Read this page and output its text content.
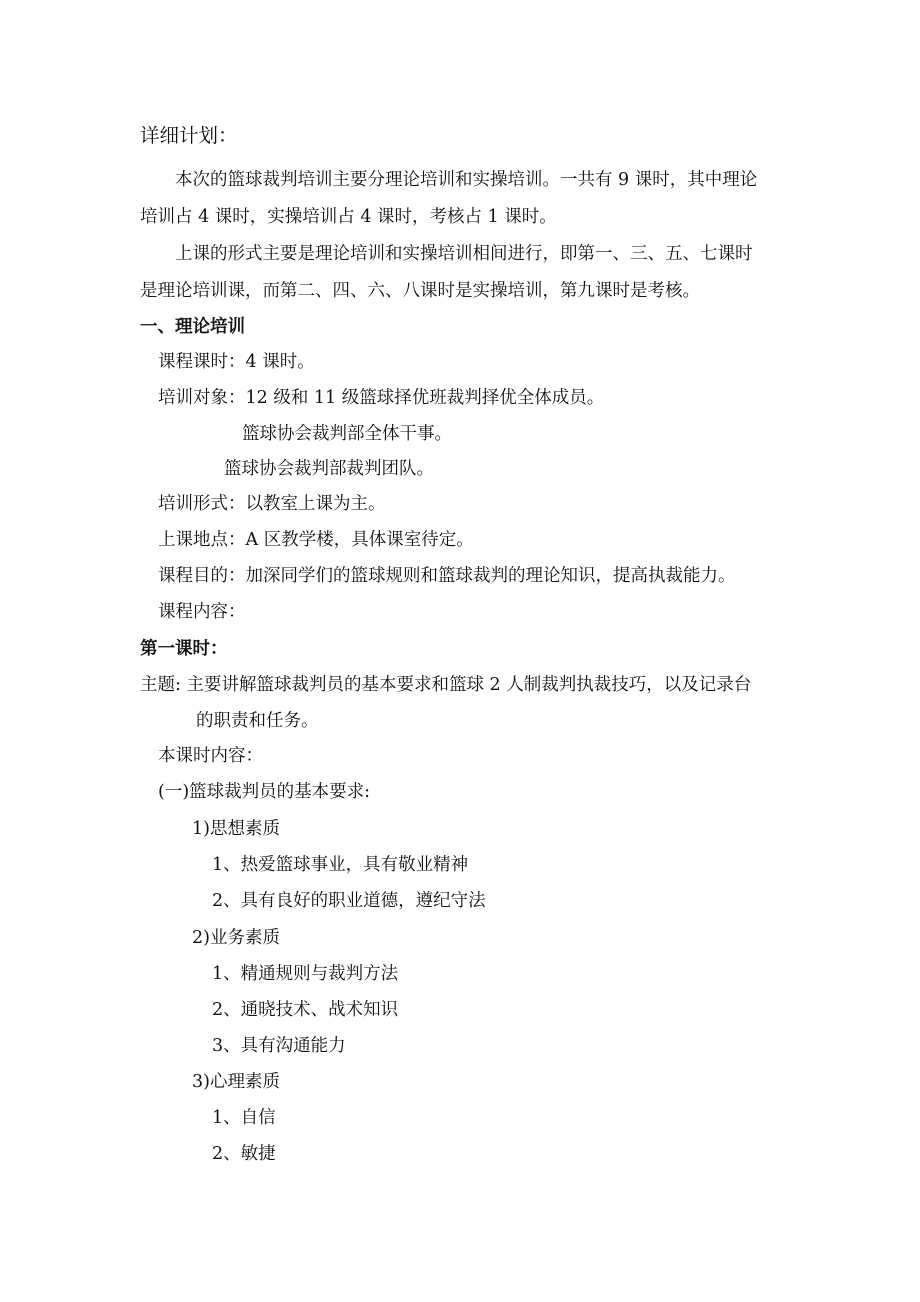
详细计划：
本次的篮球裁判培训主要分理论培训和实操培训。一共有 9 课时，其中理论
培训占 4 课时，实操培训占 4 课时，考核占 1 课时。
上课的形式主要是理论培训和实操培训相间进行，即第一、三、五、七课时
是理论培训课，而第二、四、六、八课时是实操培训，第九课时是考核。
一、理论培训
课程课时：4 课时。
培训对象：12 级和 11 级篮球择优班裁判择优全体成员。
篮球协会裁判部全体干事。
篮球协会裁判部裁判团队。
培训形式：以教室上课为主。
上课地点：A 区教学楼，具体课室待定。
课程目的：加深同学们的篮球规则和篮球裁判的理论知识，提高执裁能力。
课程内容：
第一课时：
主题: 主要讲解篮球裁判员的基本要求和篮球 2 人制裁判执裁技巧，以及记录台
的职责和任务。
本课时内容：
(一)篮球裁判员的基本要求:
1)思想素质
1、热爱篮球事业，具有敬业精神
2、具有良好的职业道德，遵纪守法
2)业务素质
1、精通规则与裁判方法
2、通晓技术、战术知识
3、具有沟通能力
3)心理素质
1、自信
2、敏捷
